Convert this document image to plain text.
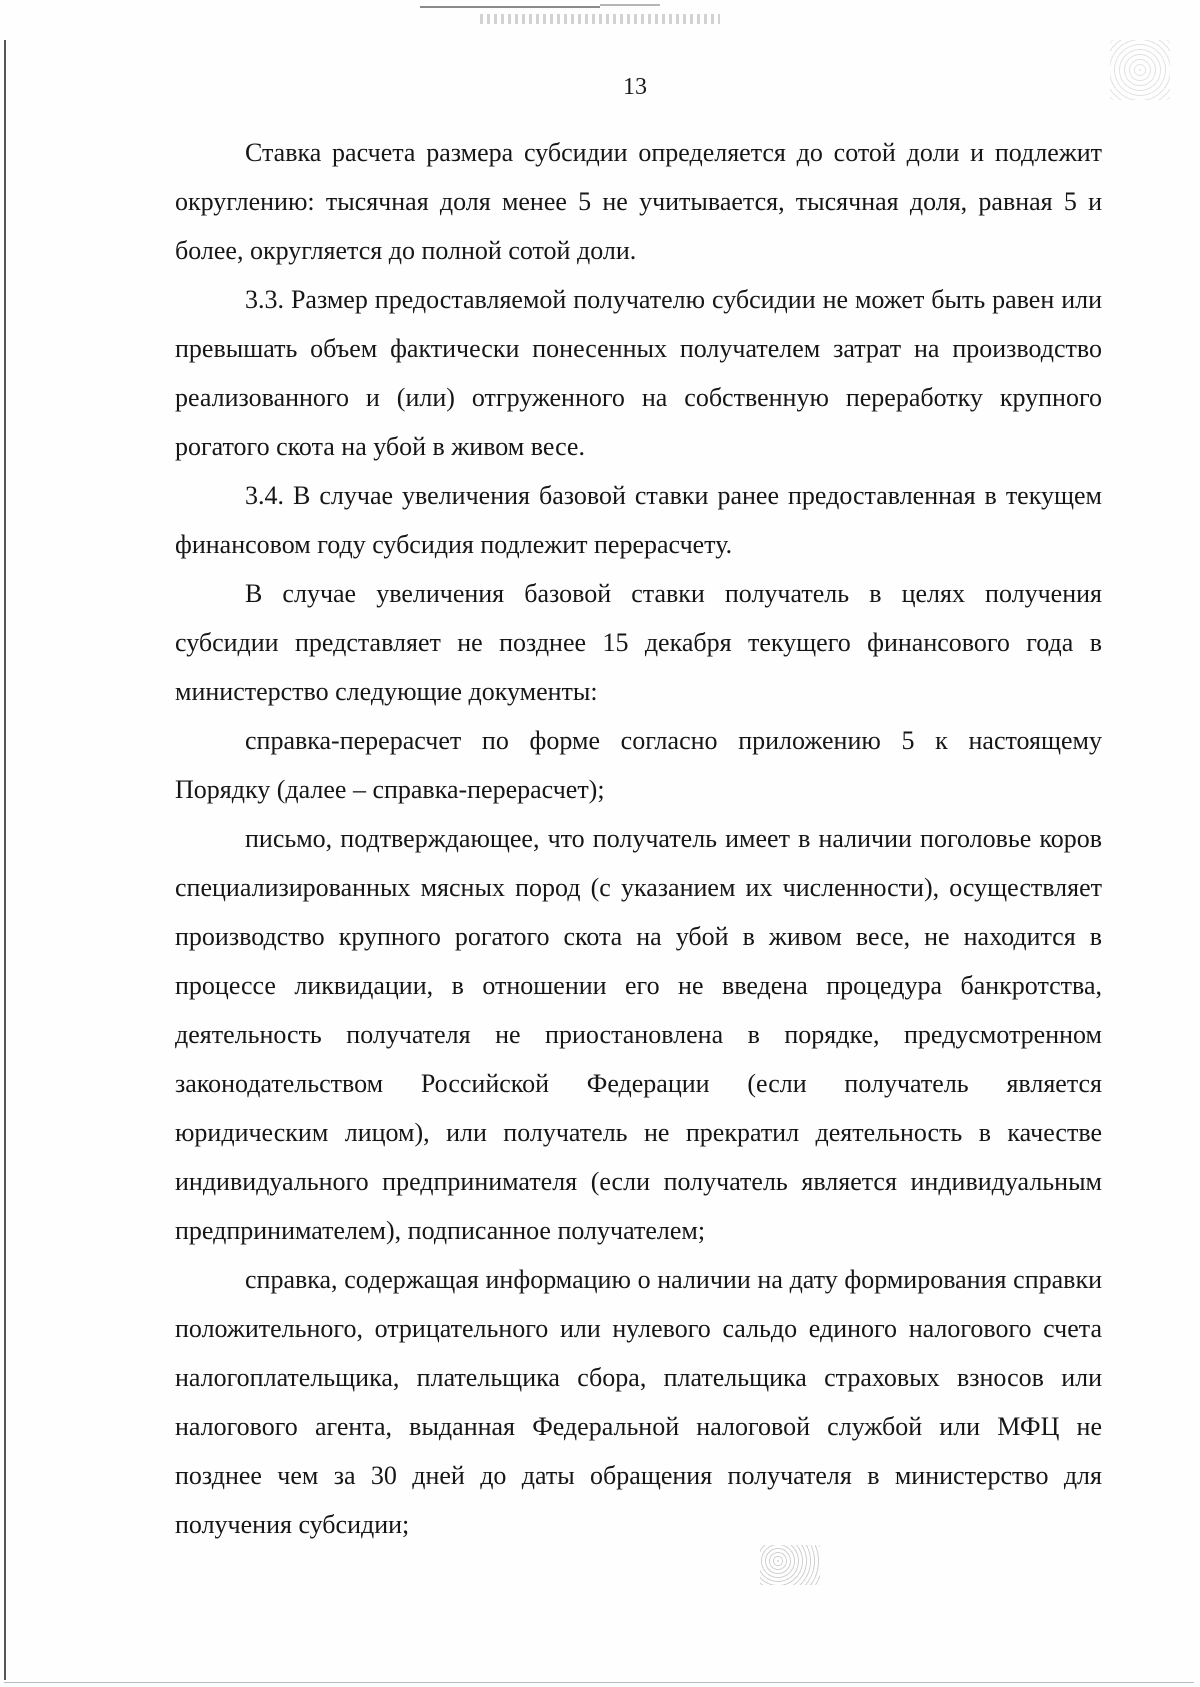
13

Ставка расчета размера субсидии определяется до сотой доли и подлежит округлению: тысячная доля менее 5 не учитывается, тысячная доля, равная 5 и более, округляется до полной сотой доли.

3.3. Размер предоставляемой получателю субсидии не может быть равен или превышать объем фактически понесенных получателем затрат на производство реализованного и (или) отгруженного на собственную переработку крупного рогатого скота на убой в живом весе.

3.4. В случае увеличения базовой ставки ранее предоставленная в текущем финансовом году субсидия подлежит перерасчету.

В случае увеличения базовой ставки получатель в целях получения субсидии представляет не позднее 15 декабря текущего финансового года в министерство следующие документы:

справка-перерасчет по форме согласно приложению 5 к настоящему Порядку (далее – справка-перерасчет);

письмо, подтверждающее, что получатель имеет в наличии поголовье коров специализированных мясных пород (с указанием их численности), осуществляет производство крупного рогатого скота на убой в живом весе, не находится в процессе ликвидации, в отношении его не введена процедура банкротства, деятельность получателя не приостановлена в порядке, предусмотренном законодательством Российской Федерации (если получатель является юридическим лицом), или получатель не прекратил деятельность в качестве индивидуального предпринимателя (если получатель является индивидуальным предпринимателем), подписанное получателем;

справка, содержащая информацию о наличии на дату формирования справки положительного, отрицательного или нулевого сальдо единого налогового счета налогоплательщика, плательщика сбора, плательщика страховых взносов или налогового агента, выданная Федеральной налоговой службой или МФЦ не позднее чем за 30 дней до даты обращения получателя в министерство для получения субсидии;
